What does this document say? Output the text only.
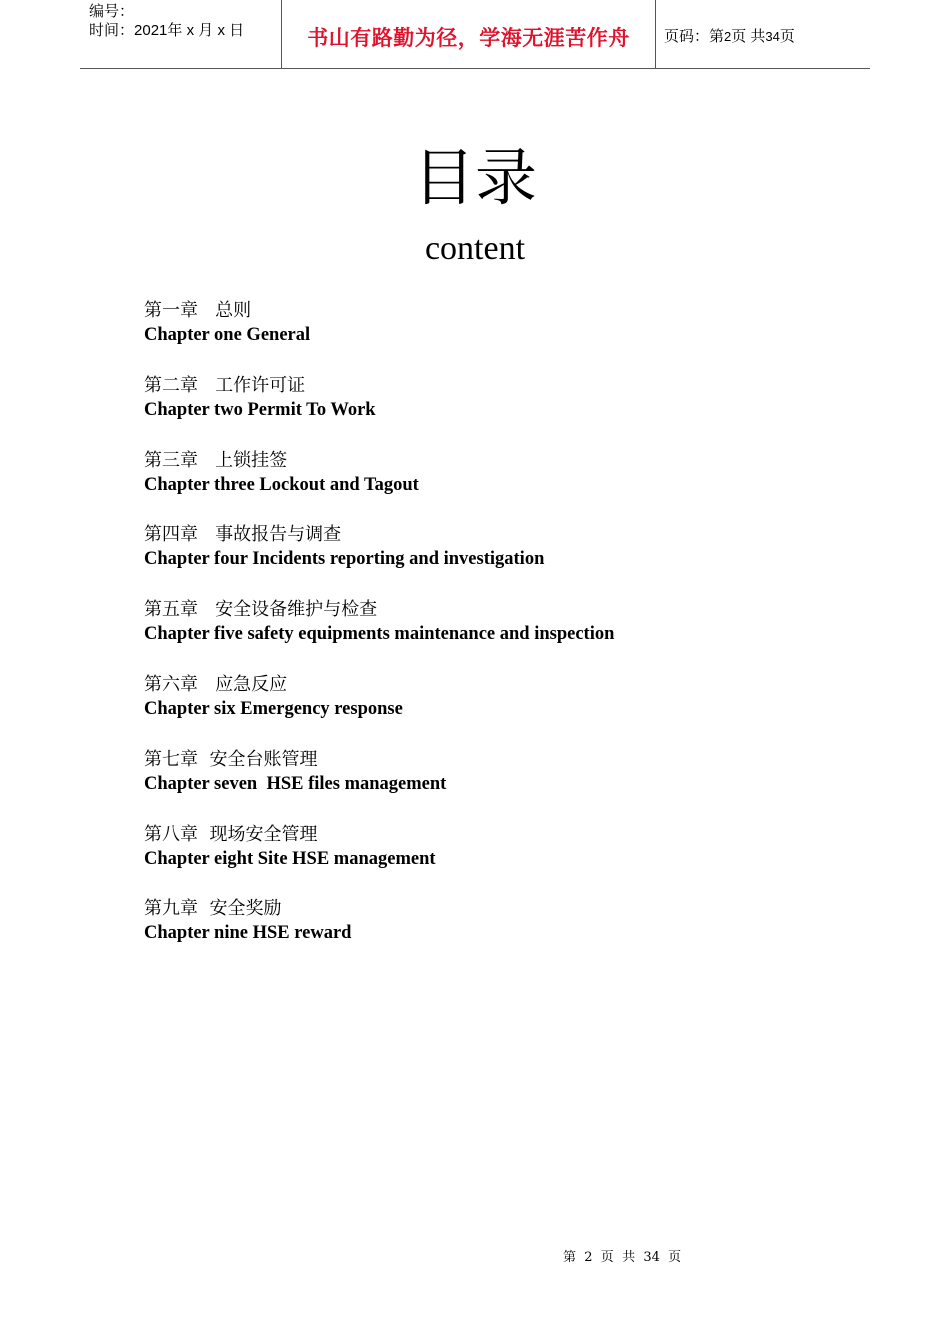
编号：
时间：2021年 x 月 x 日	书山有路勤为径，学海无涯苦作舟	页码：第2页 共34页
目录
content
第一章   总则
Chapter one General
第二章   工作许可证
Chapter two Permit To Work
第三章   上锁挂签
Chapter three Lockout and Tagout
第四章   事故报告与调查
Chapter four Incidents reporting and investigation
第五章   安全设备维护与检查
Chapter five safety equipments maintenance and inspection
第六章   应急反应
Chapter six Emergency response
第七章  安全台账管理
Chapter seven  HSE files management
第八章  现场安全管理
Chapter eight Site HSE management
第九章  安全奖励
Chapter nine HSE reward
第  2  页  共  34  页
